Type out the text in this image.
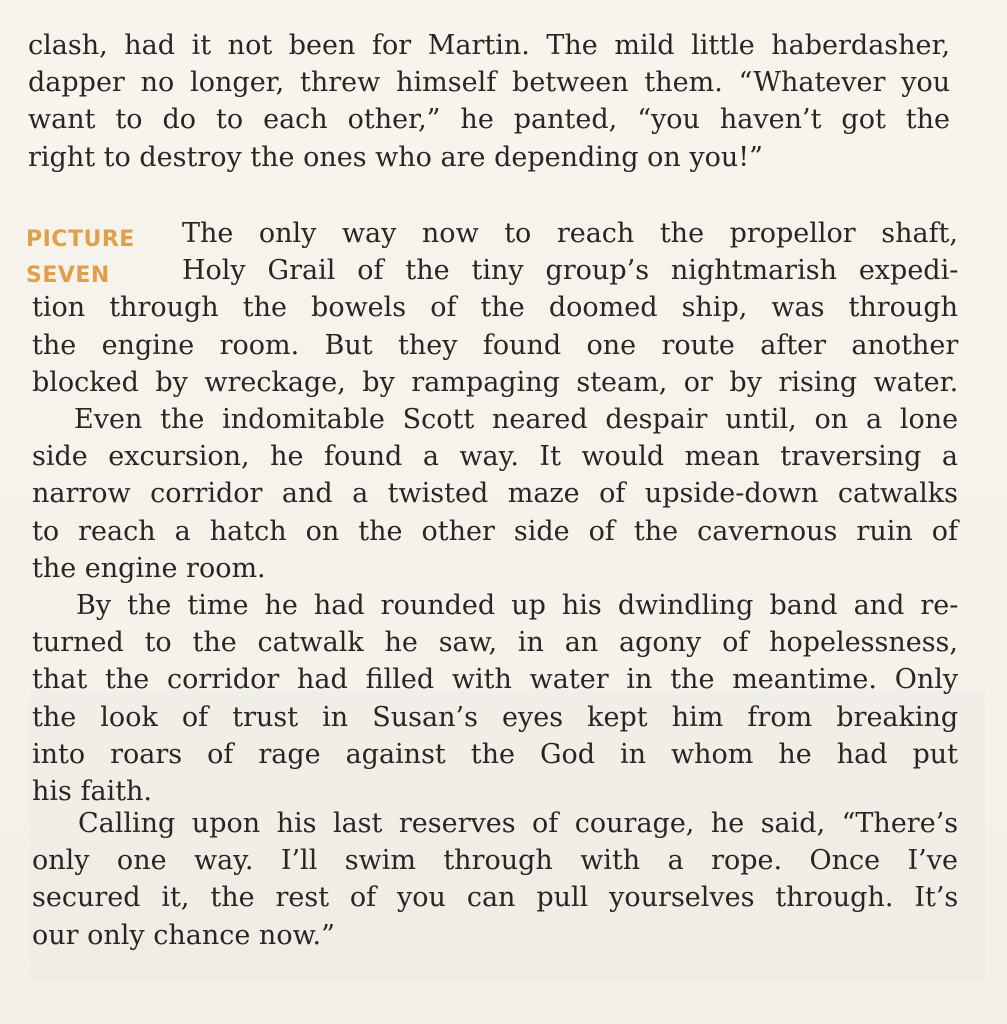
clash, had it not been for Martin. The mild little haberdasher,
dapper no longer, threw himself between them. “Whatever you
want to do to each other,” he panted, “you haven’t got the
right to destroy the ones who are depending on you!”
PICTURE
SEVEN
The only way now to reach the propellor shaft,
Holy Grail of the tiny group’s nightmarish expedi-
tion through the bowels of the doomed ship, was through
the engine room. But they found one route after another
blocked by wreckage, by rampaging steam, or by rising water.
Even the indomitable Scott neared despair until, on a lone
side excursion, he found a way. It would mean traversing a
narrow corridor and a twisted maze of upside-down catwalks
to reach a hatch on the other side of the cavernous ruin of
the engine room.
By the time he had rounded up his dwindling band and re-
turned to the catwalk he saw, in an agony of hopelessness,
that the corridor had filled with water in the meantime. Only
the look of trust in Susan’s eyes kept him from breaking
into roars of rage against the God in whom he had put
his faith.
Calling upon his last reserves of courage, he said, “There’s
only one way. I’ll swim through with a rope. Once I’ve
secured it, the rest of you can pull yourselves through. It’s
our only chance now.”
